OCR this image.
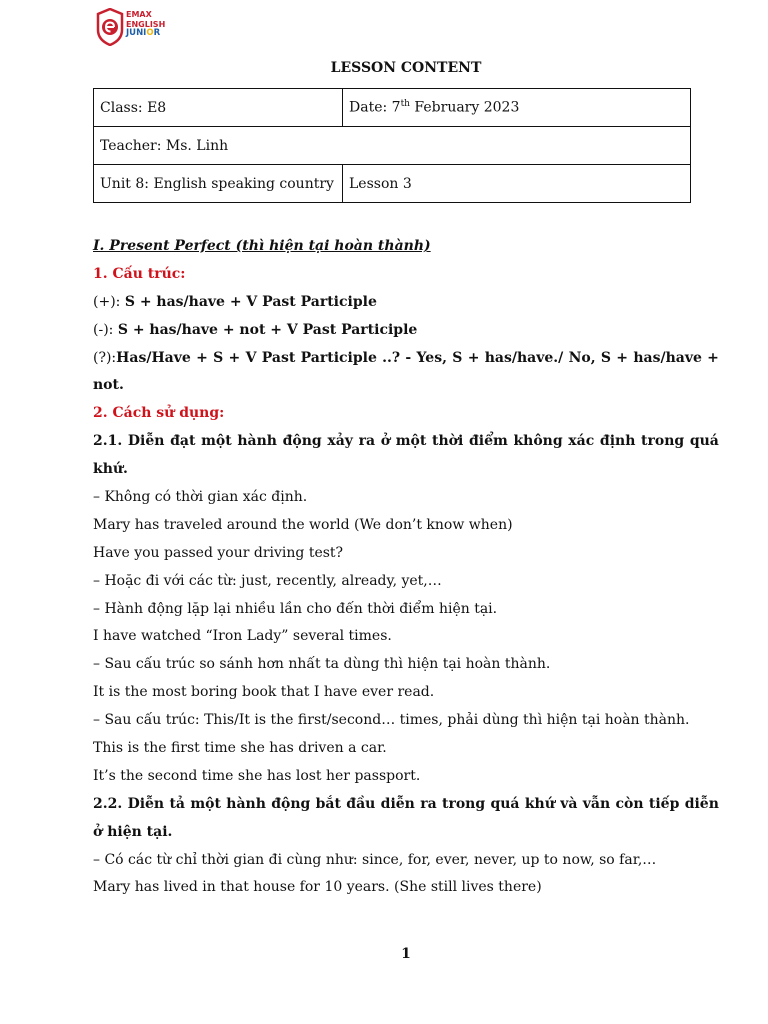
EMAX
ENGLISH
JUNIOR
LESSON CONTENT
Class: E8	Date: 7th February 2023
Teacher: Ms. Linh	
Unit 8: English speaking country	Lesson 3
I. Present Perfect (thì hiện tại hoàn thành)
1. Cấu trúc:
(+): S + has/have + V Past Participle
(-): S + has/have + not + V Past Participle
(?): Has/Have + S + V Past Participle ..? - Yes, S + has/have./ No, S + has/have +
not.
2. Cách sử dụng:
2.1. Diễn đạt một hành động xảy ra ở một thời điểm không xác định trong quá
khứ.
– Không có thời gian xác định.
Mary has traveled around the world (We don’t know when)
Have you passed your driving test?
– Hoặc đi với các từ: just, recently, already, yet,…
– Hành động lặp lại nhiều lần cho đến thời điểm hiện tại.
I have watched “Iron Lady” several times.
– Sau cấu trúc so sánh hơn nhất ta dùng thì hiện tại hoàn thành.
It is the most boring book that I have ever read.
– Sau cấu trúc: This/It is the first/second… times, phải dùng thì hiện tại hoàn thành.
This is the first time she has driven a car.
It’s the second time she has lost her passport.
2.2. Diễn tả một hành động bắt đầu diễn ra trong quá khứ và vẫn còn tiếp diễn
ở hiện tại.
– Có các từ chỉ thời gian đi cùng như: since, for, ever, never, up to now, so far,…
Mary has lived in that house for 10 years. (She still lives there)
1
